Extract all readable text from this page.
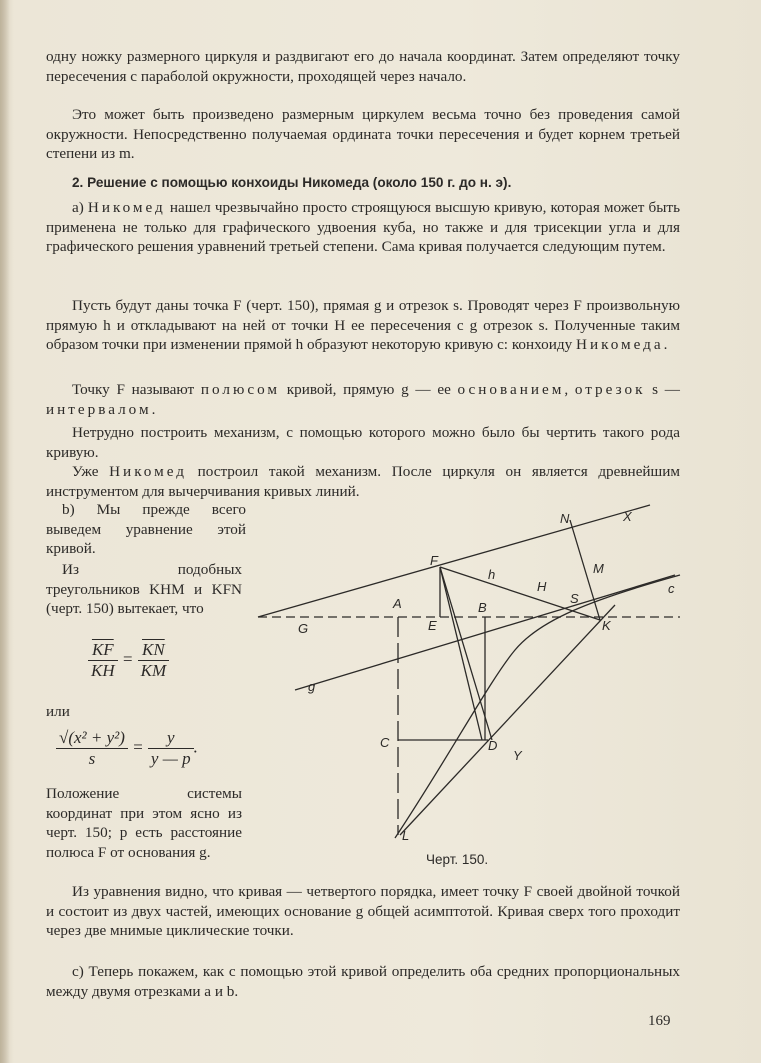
одну ножку размерного циркуля и раздвигают его до начала координат. Затем определяют точку пересечения с параболой окружности, проходящей через начало.

Это может быть произведено размерным циркулем весьма точно без проведения самой окружности. Непосредственно получаемая ордината точки пересечения и будет корнем третьей степени из m.

2. Решение с помощью конхоиды Никомеда (около 150 г. до н. э).

a) Никомед нашел чрезвычайно просто строящуюся высшую кривую, которая может быть применена не только для графического удвоения куба, но также и для трисекции угла и для графического решения уравнений третьей степени. Сама кривая получается следующим путем.

Пусть будут даны точка F (черт. 150), прямая g и отрезок s. Проводят через F произвольную прямую h и откладывают на ней от точки H ее пересечения с g отрезок s. Полученные таким образом точки при изменении прямой h образуют некоторую кривую c: конхоиду Никомеда.

Точку F называют полюсом кривой, прямую g — ее основанием, отрезок s — интервалом.

Нетрудно построить механизм, с помощью которого можно было бы чертить такого рода кривую.

Уже Никомед построил такой механизм. После циркуля он является древнейшим инструментом для вычерчивания кривых линий.

b) Мы прежде всего выведем уравнение этой кривой.

Из подобных треугольников KHM и KFN (черт. 150) вытекает, что

$\frac{\overline{KF}}{KH} = \frac{\overline{KN}}{KM}$

или

$\frac{\text{√(x² + y²)}}{s} = \frac{y}{y — p}$ .

Положение системы координат при этом ясно из черт. 150; p есть расстояние полюса F от основания g.

N	X
F
M
h
H	c
S
A	B
G	E	K
g
C	D
Y
L
Черт. 150.

Из уравнения видно, что кривая — четвертого порядка, имеет точку F своей двойной точкой и состоит из двух частей, имеющих основание g общей асимптотой. Кривая сверх того проходит через две мнимые циклические точки.

c) Теперь покажем, как с помощью этой кривой определить оба средних пропорциональных между двумя отрезками a и b.

169
